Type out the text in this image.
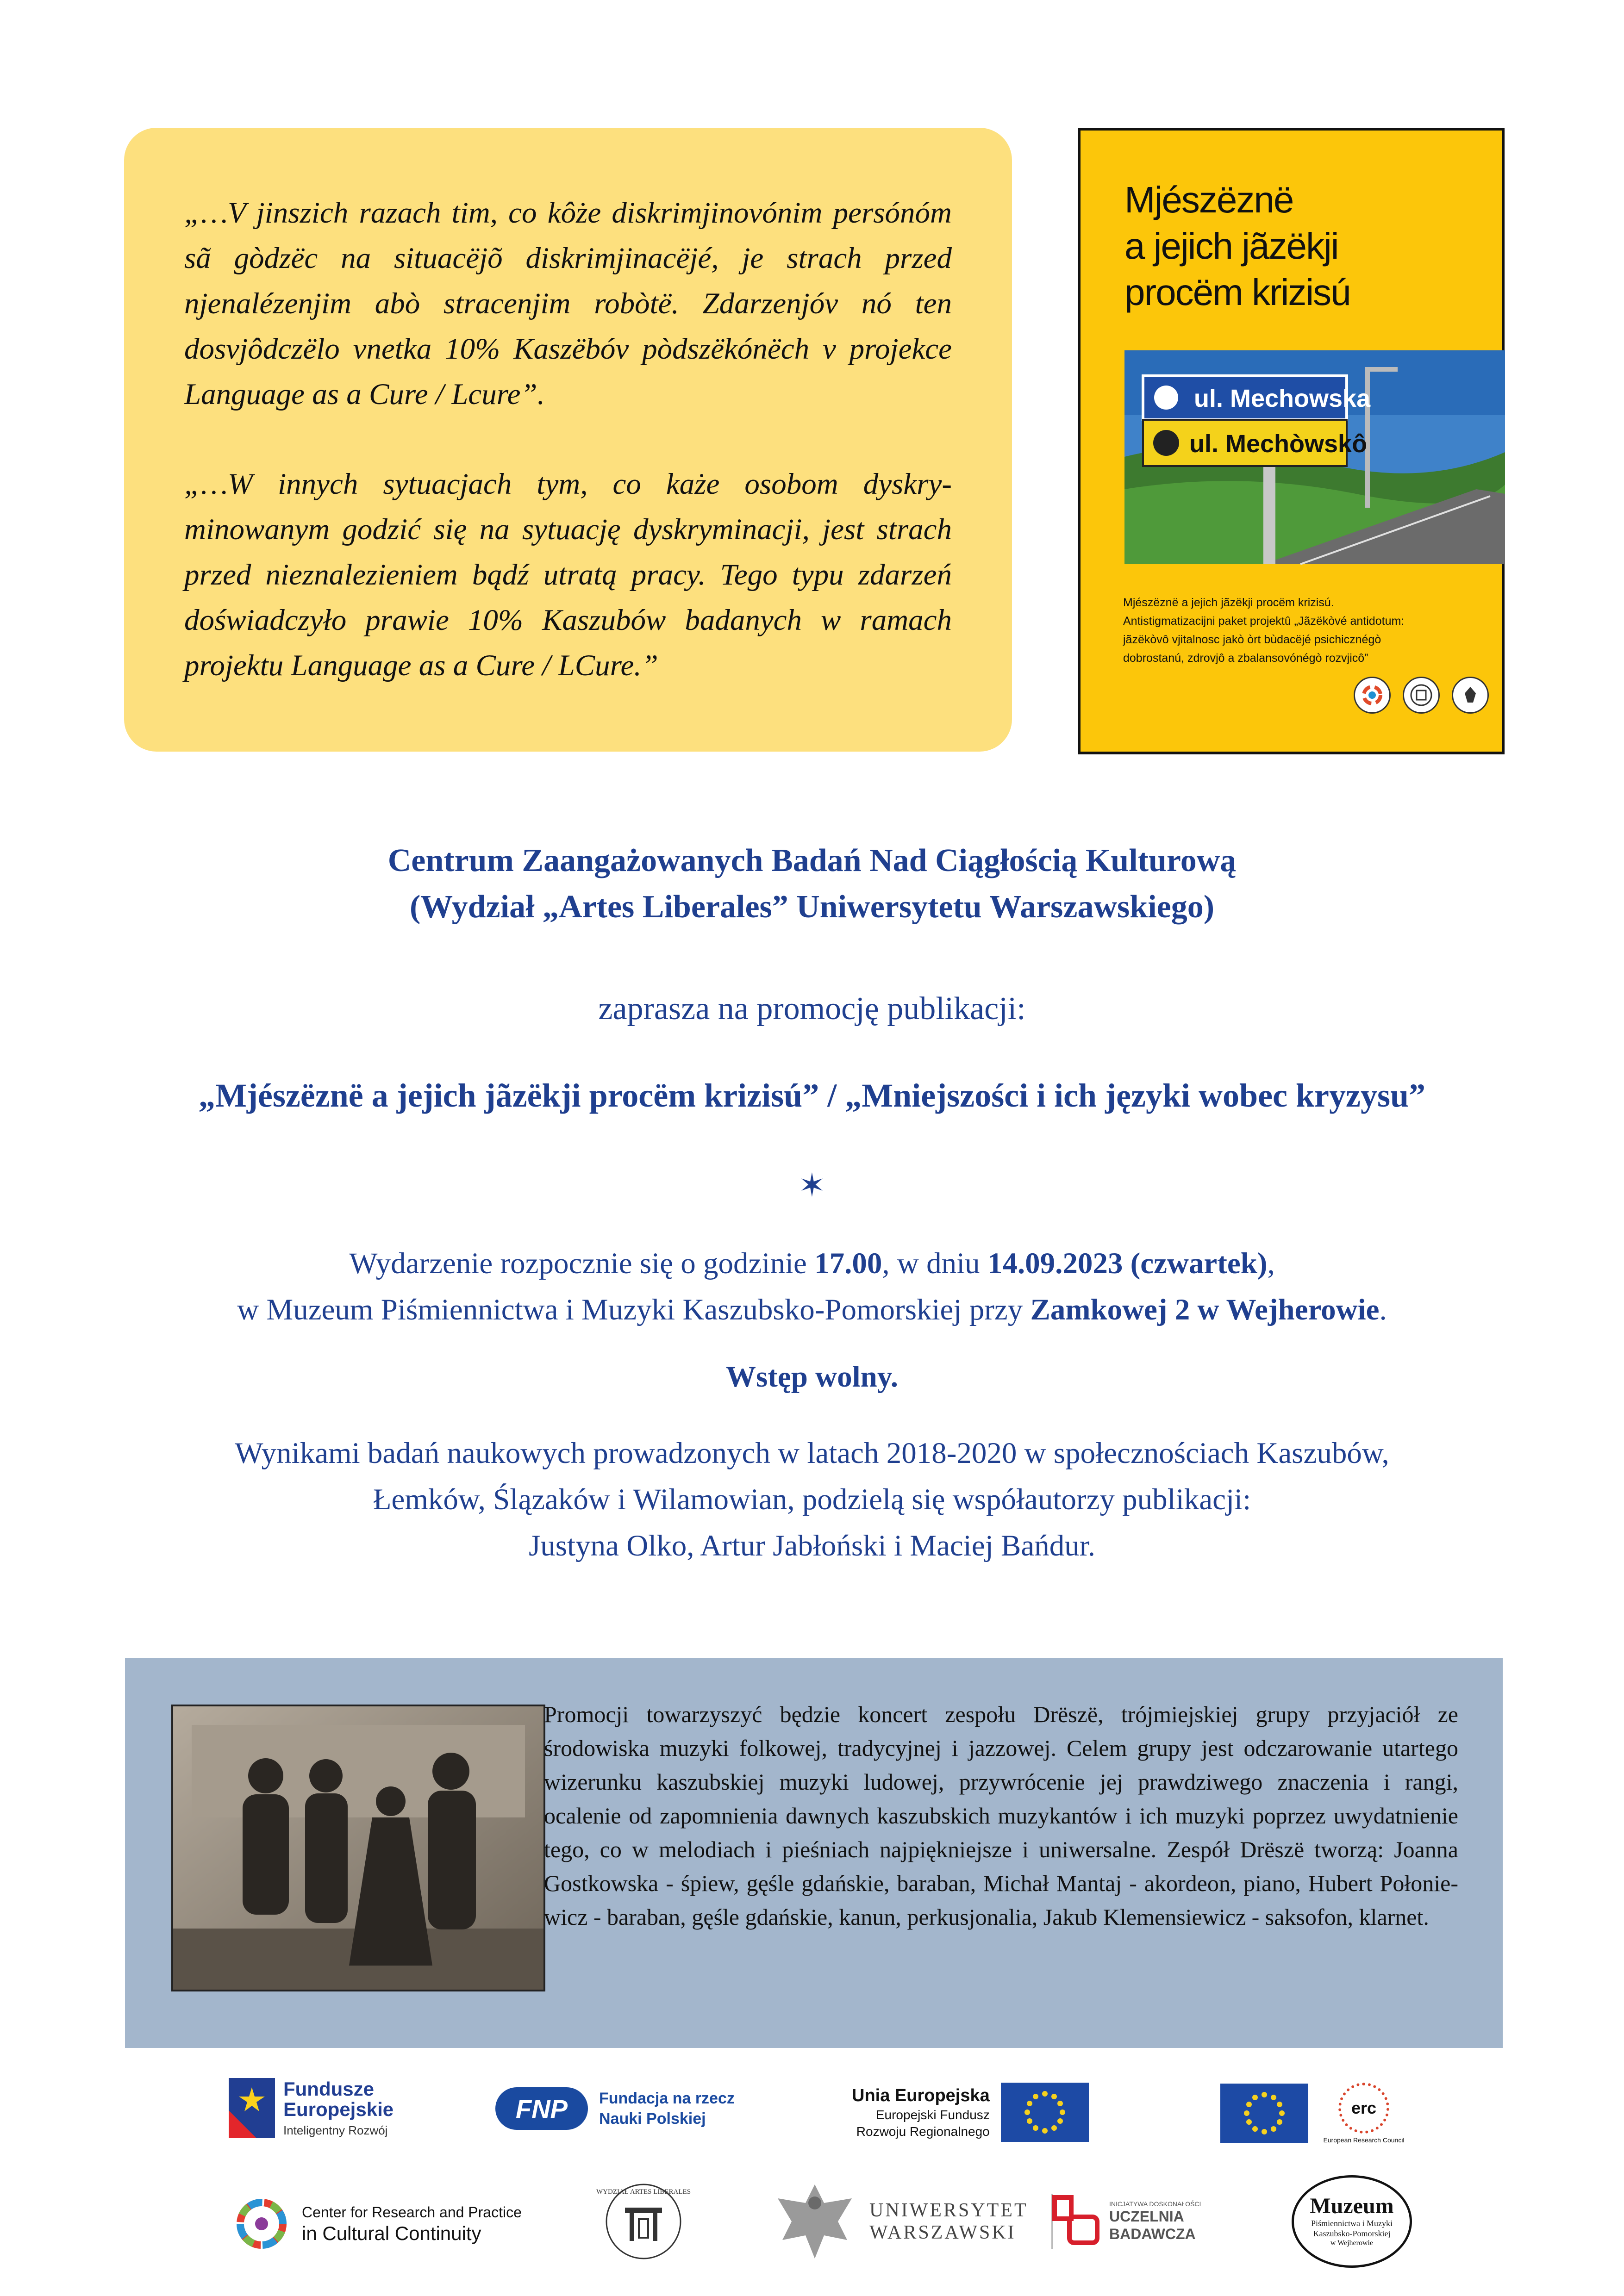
„…V jinszich razach tim, co kôże diskrimjinovónim persónóm sã gòdzëc na situacëjõ diskrimjinacëjé, je strach przed njenalézenjim abò stracenjim robòtë. Zdarzenjóv nó ten dosvjôdczëlo vnetka 10% Kaszëbóv pòdszëkónëch v projekce Language as a Cure / Lcure”.

„…W innych sytuacjach tym, co każe osobom dyskryminowanym godzić się na sytuację dyskryminacji, jest strach przed nieznalezieniem bądź utratą pracy. Tego typu zdarzeń doświadczyło prawie 10% Kaszubów badanych w ramach projektu Language as a Cure / LCure.”

Mjészëznë
a jejich jãzëkji
procëm krizisú
ul. Mechowska
ul. Mechòwskô
Mjészëznë a jejich jãzëkji procëm krizisú.
Antistigmatizacijni paket projektû „Jãzëkòvé antidotum:
jãzëkòvô vjitalnosc jakò òrt bùdacëjé psichicznégò
dobrostanú, zdrovjô a zbalansovónégò rozvjicô”
Centrum Zaangażowanych Badań Nad Ciągłością Kulturową
(Wydział „Artes Liberales” Uniwersytetu Warszawskiego)
zaprasza na promocję publikacji:
„Mjészëznë a jejich jãzëkji procëm krizisú” / „Mniejszości i ich języki wobec kryzysu”
✶
Wydarzenie rozpocznie się o godzinie 17.00, w dniu 14.09.2023 (czwartek),
w Muzeum Piśmiennictwa i Muzyki Kaszubsko-Pomorskiej przy Zamkowej 2 w Wejherowie.
Wstęp wolny.
Wynikami badań naukowych prowadzonych w latach 2018-2020 w społecznościach Kaszubów,
Łemków, Ślązaków i Wilamowian, podzielą się współautorzy publikacji:
Justyna Olko, Artur Jabłoński i Maciej Bańdur.

Promocji towarzyszyć będzie koncert zespołu Drëszë, trójmiejskiej grupy przyjaciół ze środowiska muzyki folkowej, tradycyjnej i jazzowej. Celem grupy jest odczarowanie utartego wizerunku kaszubskiej muzyki ludowej, przywrócenie jej prawdziwego znaczenia i rangi, ocalenie od zapomnienia dawnych kaszubskich muzykantów i ich muzyki poprzez uwydatnienie tego, co w melodiach i pieśniach najpiękniejsze i uniwersalne. Zespół Drëszë tworzą: Joanna Gostkowska - śpiew, gęśle gdańskie, baraban, Michał Mantaj - akordeon, piano, Hubert Połoniewicz - baraban, gęśle gdańskie, kanun, perkusjonalia, Jakub Klemensiewicz - saksofon, klarnet.

Fundusze
Europejskie
Inteligentny Rozwój
FNP	Fundacja na rzecz
Nauki Polskiej
Unia Europejska
Europejski Fundusz
Rozwoju Regionalnego
erc
European Research Council
Center for Research and Practice
in Cultural Continuity
WYDZIAŁ ARTES LIBERALES
UNIWERSYTET
WARSZAWSKI
INICJATYWA DOSKONAŁOŚCI
UCZELNIA
BADAWCZA
Muzeum
Piśmiennictwa i Muzyki
Kaszubsko-Pomorskiej
w Wejherowie
